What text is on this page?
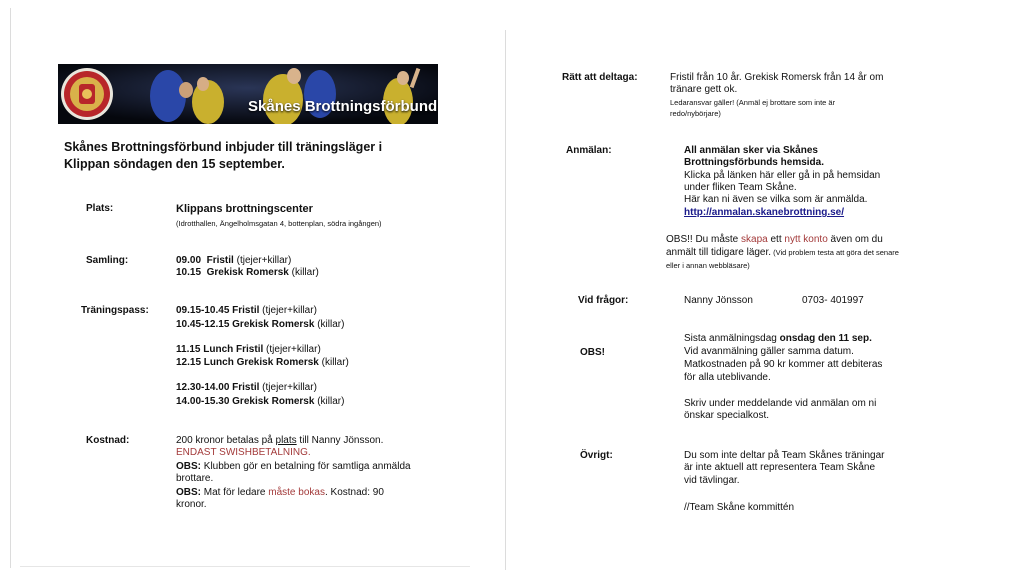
Skånes Brottningsförbund
Skånes Brottningsförbund inbjuder till träningsläger i
Klippan söndagen den 15 september.
Plats:	Klippans brottningscenter
(Idrotthallen, Ängelholmsgatan 4, bottenplan, södra ingången)
Samling:	09.00 Fristil (tjejer+killar)
10.15 Grekisk Romersk (killar)
Träningspass:	09.15-10.45 Fristil (tjejer+killar)
10.45-12.15 Grekisk Romersk (killar)
11.15 Lunch Fristil (tjejer+killar)
12.15 Lunch Grekisk Romersk (killar)
12.30-14.00 Fristil (tjejer+killar)
14.00-15.30 Grekisk Romersk (killar)
Kostnad:	200 kronor betalas på plats till Nanny Jönsson.
ENDAST SWISHBETALNING.
OBS: Klubben gör en betalning för samtliga anmälda
brottare.
OBS: Mat för ledare måste bokas. Kostnad: 90
kronor.
Rätt att deltaga:	Fristil från 10 år. Grekisk Romersk från 14 år om
tränare gett ok.
Ledaransvar gäller! (Anmäl ej brottare som inte är
redo/nybörjare)
Anmälan:	All anmälan sker via Skånes
Brottningsförbunds hemsida.
Klicka på länken här eller gå in på hemsidan
under fliken Team Skåne.
Här kan ni även se vilka som är anmälda.
http://anmalan.skanebrottning.se/
OBS!! Du måste skapa ett nytt konto även om du
anmält till tidigare läger. (Vid problem testa att göra det senare
eller i annan webbläsare)
Vid frågor:	Nanny Jönsson	0703- 401997
OBS!
Sista anmälningsdag onsdag den 11 sep.
Vid avanmälning gäller samma datum.
Matkostnaden på 90 kr kommer att debiteras
för alla uteblivande.
Skriv under meddelande vid anmälan om ni
önskar specialkost.
Övrigt:	Du som inte deltar på Team Skånes träningar
är inte aktuell att representera Team Skåne
vid tävlingar.
//Team Skåne kommittén
